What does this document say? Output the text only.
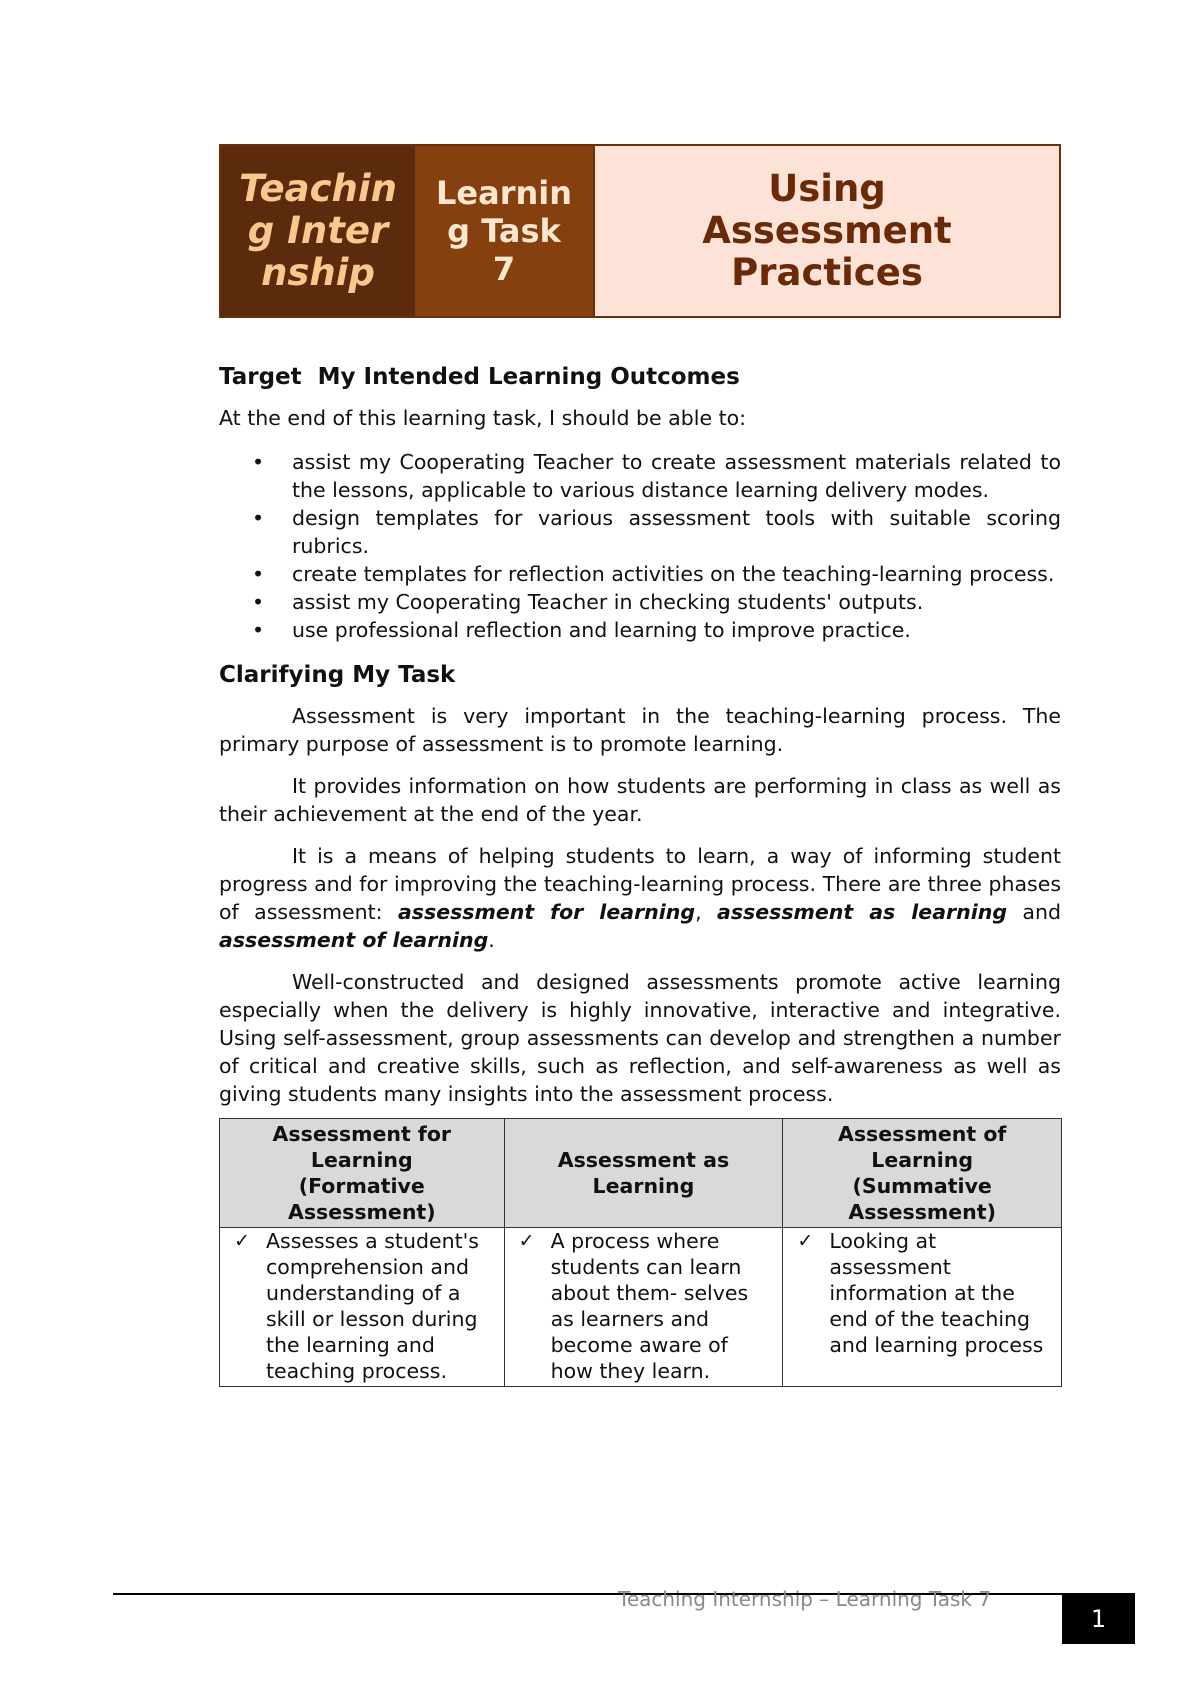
Teaching Internship
Learning Task 7
Using Assessment Practices
Target  My Intended Learning Outcomes

At the end of this learning task, I should be able to:

• assist my Cooperating Teacher to create assessment materials related to the lessons, applicable to various distance learning delivery modes.
• design templates for various assessment tools with suitable scoring rubrics.
• create templates for reflection activities on the teaching-learning process.
• assist my Cooperating Teacher in checking students' outputs.
• use professional reflection and learning to improve practice.
Clarifying My Task

Assessment is very important in the teaching-learning process. The primary purpose of assessment is to promote learning.

It provides information on how students are performing in class as well as their achievement at the end of the year.

It is a means of helping students to learn, a way of informing student progress and for improving the teaching-learning process. There are three phases of assessment: assessment for learning, assessment as learning and assessment of learning.

Well-constructed and designed assessments promote active learning especially when the delivery is highly innovative, interactive and integrative. Using self-assessment, group assessments can develop and strengthen a number of critical and creative skills, such as reflection, and self-awareness as well as giving students many insights into the assessment process.

Assessment for Learning (Formative Assessment)	Assessment as Learning	Assessment of Learning (Summative Assessment)

✓ Assesses a student's comprehension and understanding of a skill or lesson during the learning and teaching process.	✓ A process where students can learn about them- selves as learners and become aware of how they learn.	✓ Looking at assessment information at the end of the teaching and learning process
Teaching Internship – Learning Task 7
1
